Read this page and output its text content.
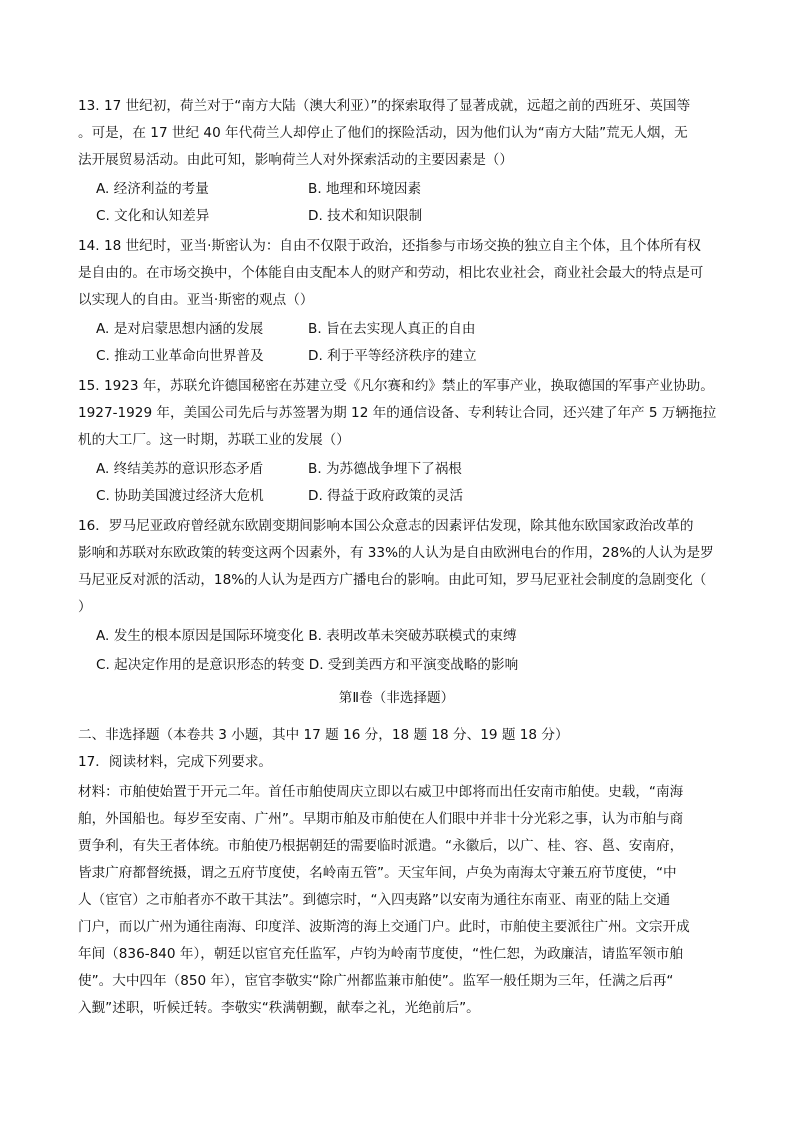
13. 17 世纪初，荷兰对于“南方大陆（澳大利亚）”的探索取得了显著成就，远超之前的西班牙、英国等
。可是，在 17 世纪 40 年代荷兰人却停止了他们的探险活动，因为他们认为“南方大陆”荒无人烟，无
法开展贸易活动。由此可知，影响荷兰人对外探索活动的主要因素是（）
A. 经济利益的考量	B. 地理和环境因素
C. 文化和认知差异	D. 技术和知识限制
14. 18 世纪时，亚当·斯密认为：自由不仅限于政治，还指参与市场交换的独立自主个体，且个体所有权
是自由的。在市场交换中，个体能自由支配本人的财产和劳动，相比农业社会，商业社会最大的特点是可
以实现人的自由。亚当·斯密的观点（）
A. 是对启蒙思想内涵的发展	B. 旨在去实现人真正的自由
C. 推动工业革命向世界普及	D. 利于平等经济秩序的建立
15. 1923 年，苏联允许德国秘密在苏建立受《凡尔赛和约》禁止的军事产业，换取德国的军事产业协助。
1927-1929 年，美国公司先后与苏签署为期 12 年的通信设备、专利转让合同，还兴建了年产 5 万辆拖拉
机的大工厂。这一时期，苏联工业的发展（）
A. 终结美苏的意识形态矛盾	B. 为苏德战争埋下了祸根
C. 协助美国渡过经济大危机	D. 得益于政府政策的灵活
16．罗马尼亚政府曾经就东欧剧变期间影响本国公众意志的因素评估发现，除其他东欧国家政治改革的
影响和苏联对东欧政策的转变这两个因素外，有 33%的人认为是自由欧洲电台的作用，28%的人认为是罗
马尼亚反对派的活动，18%的人认为是西方广播电台的影响。由此可知，罗马尼亚社会制度的急剧变化（
）
A. 发生的根本原因是国际环境变化 B. 表明改革未突破苏联模式的束缚
C. 起决定作用的是意识形态的转变 D. 受到美西方和平演变战略的影响
第Ⅱ卷（非选择题）
二、非选择题（本卷共 3 小题，其中 17 题 16 分，18 题 18 分、19 题 18 分）
17．阅读材料，完成下列要求。
材料：市舶使始置于开元二年。首任市舶使周庆立即以右威卫中郎将而出任安南市舶使。史载，“南海
舶，外国船也。每岁至安南、广州”。早期市舶及市舶使在人们眼中并非十分光彩之事，认为市舶与商
贾争利，有失王者体统。市舶使乃根据朝廷的需要临时派遣。“永徽后，以广、桂、容、邕、安南府，
皆隶广府都督统摄，谓之五府节度使，名岭南五管”。天宝年间，卢奂为南海太守兼五府节度使，“中
人（宦官）之市舶者亦不敢干其法”。到德宗时，“入四夷路”以安南为通往东南亚、南亚的陆上交通
门户，而以广州为通往南海、印度洋、波斯湾的海上交通门户。此时，市舶使主要派往广州。文宗开成
年间（836-840 年），朝廷以宦官充任监军，卢钧为岭南节度使，“性仁恕，为政廉洁，请监军领市舶
使”。大中四年（850 年），宦官李敬实“除广州都监兼市舶使”。监军一般任期为三年，任满之后再“
入觐”述职，听候迁转。李敬实“秩满朝觐，献奉之礼，光绝前后”。
